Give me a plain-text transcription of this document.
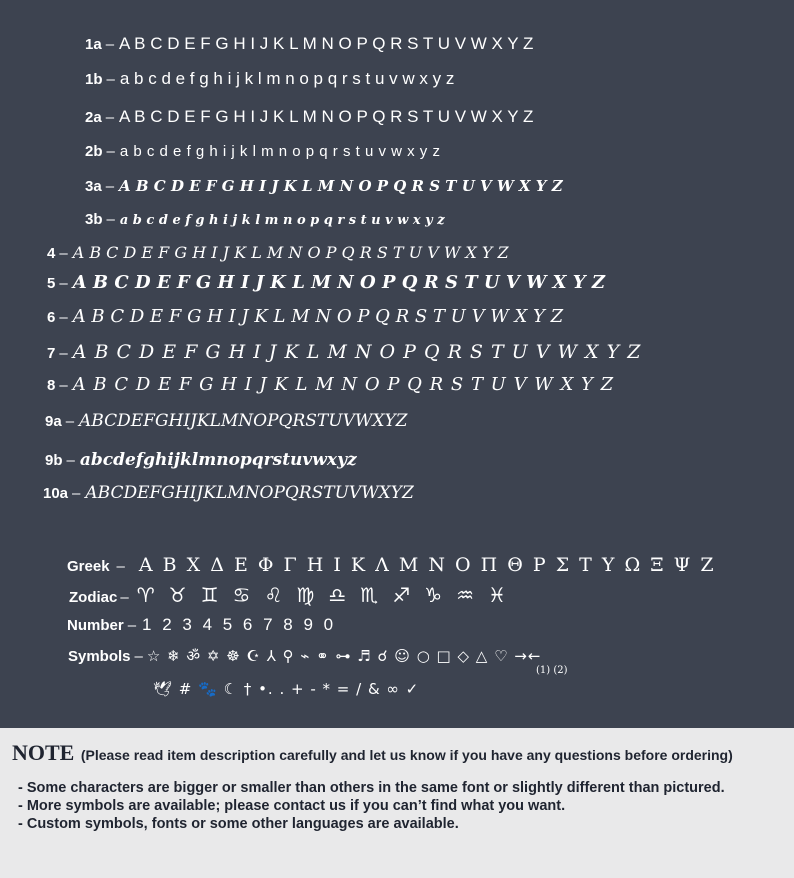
1a – A B C D E F G H I J K L M N O P Q R S T U V W X Y Z
1b – a b c d e f g h i j k l m n o p q r s t u v w x y z
2a – A B C D E F G H I J K L M N O P Q R S T U V W X Y Z
2b – a b c d e f g h i j k l m n o p q r s t u v w x y z
3a – A B C D E F G H I J K L M N O P Q R S T U V W X Y Z
3b – a b c d e f g h i j k l m n o p q r s t u v w x y z
4 – A B C D E F G H I J K L M N O P Q R S T U V W X Y Z
5 – A B C D E F G H I J K L M N O P Q R S T U V W X Y Z
6 – A B C D E F G H I J K L M N O P Q R S T U V W X Y Z
7 – A B C D E F G H I J K L M N O P Q R S T U V W X Y Z
8 – A B C D E F G H I J K L M N O P Q R S T U V W X Y Z
9a – ABCDEFGHIJKLMNOPQRSTUVWXYZ
9b – abcdefghijklmnopqrstuvwxyz
10a – ABCDEFGHIJKLMNOPQRSTUVWXYZ
Greek – Α Β Χ Δ Ε Φ Γ Η Ι Κ Λ Μ Ν Ο Π Θ Ρ Σ Τ Υ Ω Ξ Ψ Ζ
Zodiac – ♈ ♉ ♊ ♋ ♌ ♍ ♎ ♏ ♐ ♑ ♒ ♓
Number – 1 2 3 4 5 6 7 8 9 0
Symbols – ☆ ❄ ॐ ✡ ☸ ☪ ⅄ ⚲ ⌁ ⚭ ⊶ ♬ ☌ ☺ ○ □ ◇ △ ♡ →←
(1) (2)
🕊 # 🐾 ☾ † •. . + - * = / & ∞ ✓
NOTE (Please read item description carefully and let us know if you have any questions before ordering)
- Some characters are bigger or smaller than others in the same font or slightly different than pictured.
- More symbols are available; please contact us if you can’t find what you want.
- Custom symbols, fonts or some other languages are available.
